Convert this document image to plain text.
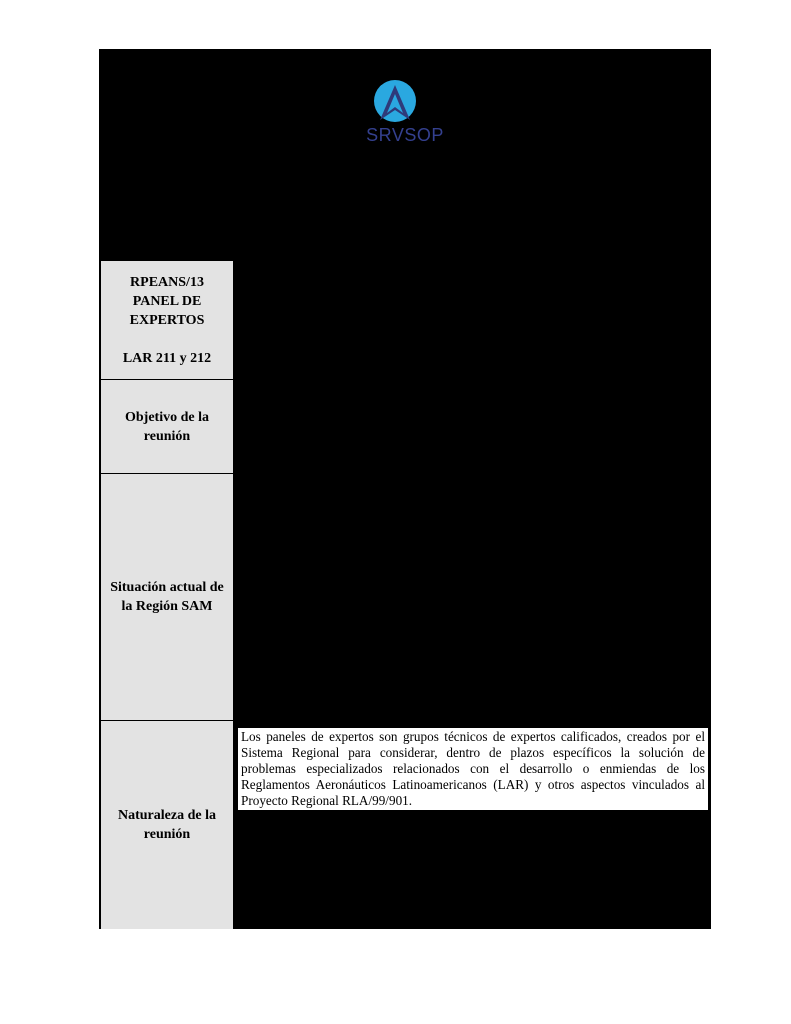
SRVSOP
RPEANS/13
PANEL DE
EXPERTOS
LAR 211 y 212
Objetivo de la
reunión
Situación actual de
la Región SAM
Naturaleza de la
reunión
Los paneles de expertos son grupos técnicos de expertos calificados, creados por el Sistema Regional para considerar, dentro de plazos específicos la solución de problemas especializados relacionados con el desarrollo o enmiendas de los Reglamentos Aeronáuticos Latinoamericanos (LAR) y otros aspectos vinculados al Proyecto Regional RLA/99/901.
